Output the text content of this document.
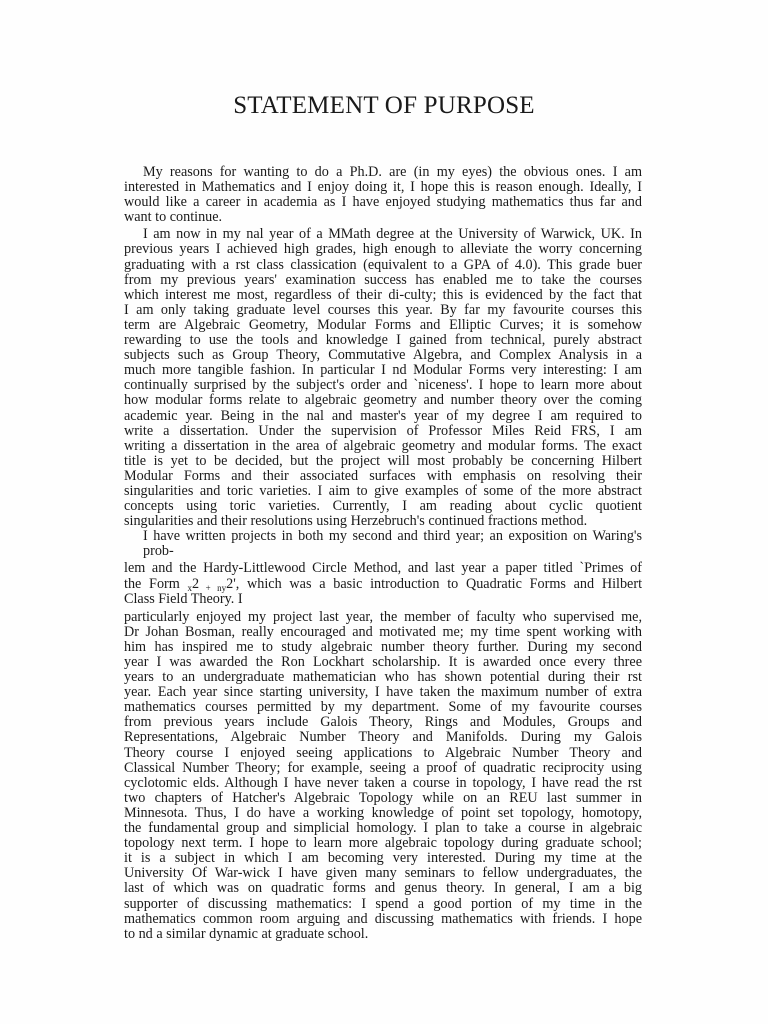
STATEMENT OF PURPOSE
My reasons for wanting to do a Ph.D. are (in my eyes) the obvious ones. I am
interested in Mathematics and I enjoy doing it, I hope this is reason enough. Ideally, I
would like a career in academia as I have enjoyed studying mathematics thus far and
want to continue.
I am now in my nal year of a MMath degree at the University of Warwick, UK. In
previous years I achieved high grades, high enough to alleviate the worry concerning
graduating with a rst class classication (equivalent to a GPA of 4.0). This grade buer
from my previous years' examination success has enabled me to take the courses
which interest me most, regardless of their di-culty; this is evidenced by the fact that
I am only taking graduate level courses this year. By far my favourite courses this
term are Algebraic Geometry, Modular Forms and Elliptic Curves; it is somehow
rewarding to use the tools and knowledge I gained from technical, purely abstract
subjects such as Group Theory, Commutative Algebra, and Complex Analysis in a
much more tangible fashion. In particular I nd Modular Forms very interesting: I am
continually surprised by the subject's order and `niceness'. I hope to learn more about
how modular forms relate to algebraic geometry and number theory over the coming
academic year. Being in the nal and master's year of my degree I am required to
write a dissertation. Under the supervision of Professor Miles Reid FRS, I am
writing a dissertation in the area of algebraic geometry and modular forms. The exact
title is yet to be decided, but the project will most probably be concerning Hilbert
Modular Forms and their associated surfaces with emphasis on resolving their
singularities and toric varieties. I aim to give examples of some of the more abstract
concepts using toric varieties. Currently, I am reading about cyclic quotient
singularities and their resolutions using Herzebruch's continued fractions method.
I have written projects in both my second and third year; an exposition on Waring's
prob-
lem and the Hardy-Littlewood Circle Method, and last year a paper titled `Primes of
the Form $_x$2 $_{+ ny}$2', which was a basic introduction to Quadratic Forms and Hilbert
Class Field Theory. I
particularly enjoyed my project last year, the member of faculty who supervised me,
Dr Johan Bosman, really encouraged and motivated me; my time spent working with
him has inspired me to study algebraic number theory further. During my second
year I was awarded the Ron Lockhart scholarship. It is awarded once every three
years to an undergraduate mathematician who has shown potential during their rst
year. Each year since starting university, I have taken the maximum number of extra
mathematics courses permitted by my department. Some of my favourite courses
from previous years include Galois Theory, Rings and Modules, Groups and
Representations, Algebraic Number Theory and Manifolds. During my Galois
Theory course I enjoyed seeing applications to Algebraic Number Theory and
Classical Number Theory; for example, seeing a proof of quadratic reciprocity using
cyclotomic elds. Although I have never taken a course in topology, I have read the rst
two chapters of Hatcher's Algebraic Topology while on an REU last summer in
Minnesota. Thus, I do have a working knowledge of point set topology, homotopy,
the fundamental group and simplicial homology. I plan to take a course in algebraic
topology next term. I hope to learn more algebraic topology during graduate school;
it is a subject in which I am becoming very interested. During my time at the
University Of War-wick I have given many seminars to fellow undergraduates, the
last of which was on quadratic forms and genus theory. In general, I am a big
supporter of discussing mathematics: I spend a good portion of my time in the
mathematics common room arguing and discussing mathematics with friends. I hope
to nd a similar dynamic at graduate school.
